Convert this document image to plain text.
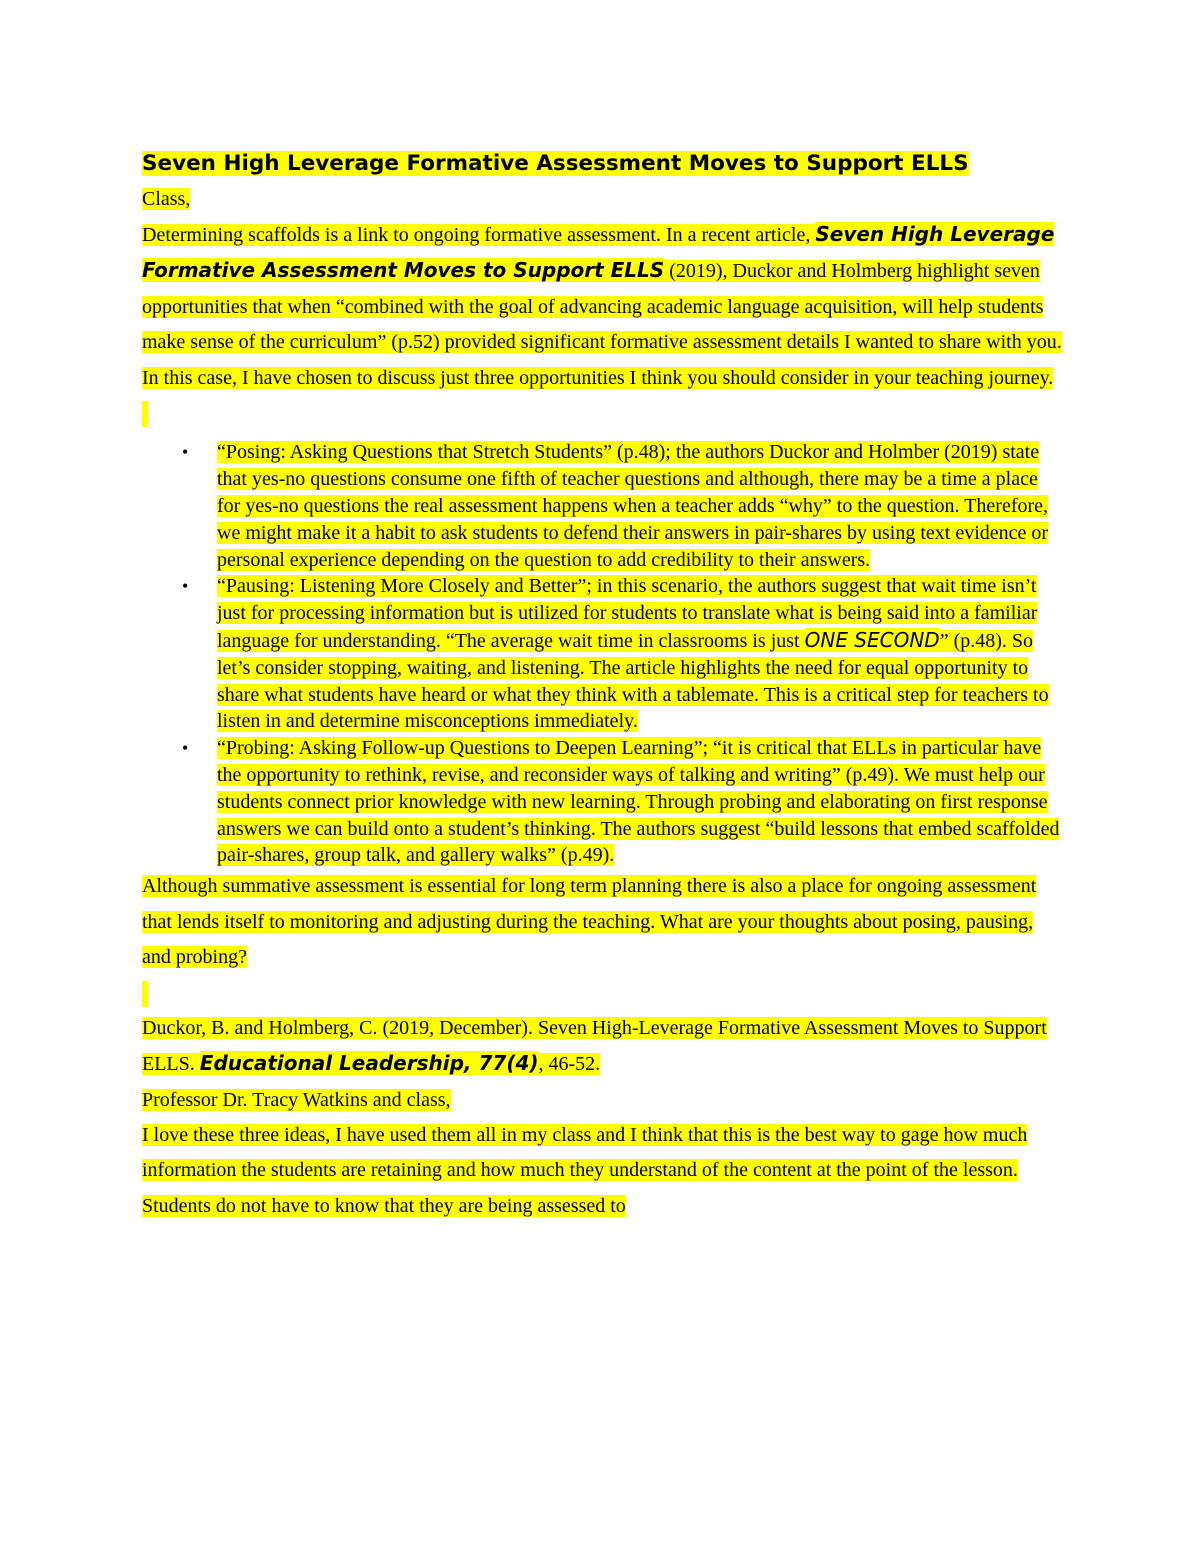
Seven High Leverage Formative Assessment Moves to Support ELLS

Class,

Determining scaffolds is a link to ongoing formative assessment. In a recent article, Seven High Leverage Formative Assessment Moves to Support ELLS (2019), Duckor and Holmberg highlight seven opportunities that when “combined with the goal of advancing academic language acquisition, will help students make sense of the curriculum” (p.52) provided significant formative assessment details I wanted to share with you. In this case, I have chosen to discuss just three opportunities I think you should consider in your teaching journey.

• “Posing: Asking Questions that Stretch Students” (p.48); the authors Duckor and Holmber (2019) state that yes-no questions consume one fifth of teacher questions and although, there may be a time a place for yes-no questions the real assessment happens when a teacher adds “why” to the question. Therefore, we might make it a habit to ask students to defend their answers in pair-shares by using text evidence or personal experience depending on the question to add credibility to their answers.
• “Pausing: Listening More Closely and Better”; in this scenario, the authors suggest that wait time isn’t just for processing information but is utilized for students to translate what is being said into a familiar language for understanding. “The average wait time in classrooms is just ONE SECOND” (p.48). So let’s consider stopping, waiting, and listening. The article highlights the need for equal opportunity to share what students have heard or what they think with a tablemate. This is a critical step for teachers to listen in and determine misconceptions immediately.
• “Probing: Asking Follow-up Questions to Deepen Learning”; “it is critical that ELLs in particular have the opportunity to rethink, revise, and reconsider ways of talking and writing” (p.49). We must help our students connect prior knowledge with new learning. Through probing and elaborating on first response answers we can build onto a student’s thinking. The authors suggest “build lessons that embed scaffolded pair-shares, group talk, and gallery walks” (p.49).

Although summative assessment is essential for long term planning there is also a place for ongoing assessment that lends itself to monitoring and adjusting during the teaching. What are your thoughts about posing, pausing, and probing?

Duckor, B. and Holmberg, C. (2019, December). Seven High-Leverage Formative Assessment Moves to Support ELLS. Educational Leadership, 77(4), 46-52.

Professor Dr. Tracy Watkins and class,

I love these three ideas, I have used them all in my class and I think that this is the best way to gage how much information the students are retaining and how much they understand of the content at the point of the lesson. Students do not have to know that they are being assessed to
